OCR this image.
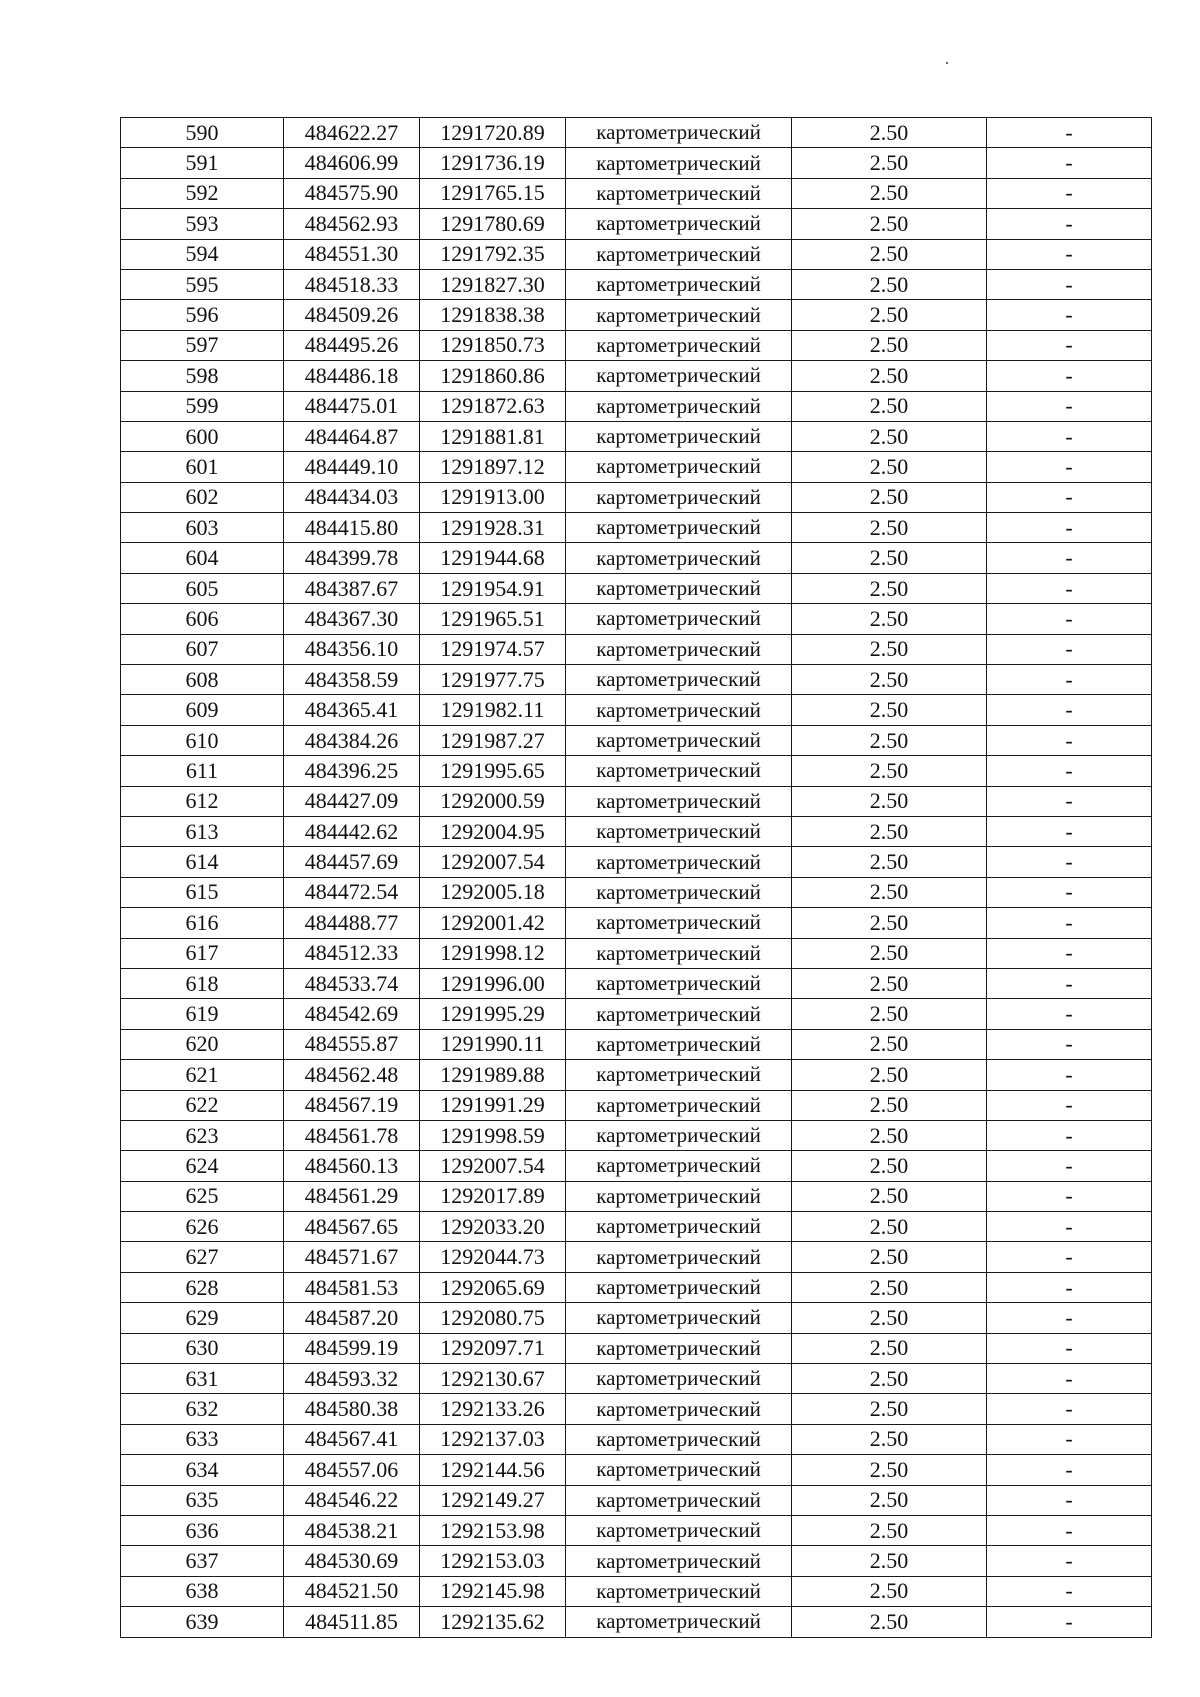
590	484622.27	1291720.89	картометрический	2.50	-
591	484606.99	1291736.19	картометрический	2.50	-
592	484575.90	1291765.15	картометрический	2.50	-
593	484562.93	1291780.69	картометрический	2.50	-
594	484551.30	1291792.35	картометрический	2.50	-
595	484518.33	1291827.30	картометрический	2.50	-
596	484509.26	1291838.38	картометрический	2.50	-
597	484495.26	1291850.73	картометрический	2.50	-
598	484486.18	1291860.86	картометрический	2.50	-
599	484475.01	1291872.63	картометрический	2.50	-
600	484464.87	1291881.81	картометрический	2.50	-
601	484449.10	1291897.12	картометрический	2.50	-
602	484434.03	1291913.00	картометрический	2.50	-
603	484415.80	1291928.31	картометрический	2.50	-
604	484399.78	1291944.68	картометрический	2.50	-
605	484387.67	1291954.91	картометрический	2.50	-
606	484367.30	1291965.51	картометрический	2.50	-
607	484356.10	1291974.57	картометрический	2.50	-
608	484358.59	1291977.75	картометрический	2.50	-
609	484365.41	1291982.11	картометрический	2.50	-
610	484384.26	1291987.27	картометрический	2.50	-
611	484396.25	1291995.65	картометрический	2.50	-
612	484427.09	1292000.59	картометрический	2.50	-
613	484442.62	1292004.95	картометрический	2.50	-
614	484457.69	1292007.54	картометрический	2.50	-
615	484472.54	1292005.18	картометрический	2.50	-
616	484488.77	1292001.42	картометрический	2.50	-
617	484512.33	1291998.12	картометрический	2.50	-
618	484533.74	1291996.00	картометрический	2.50	-
619	484542.69	1291995.29	картометрический	2.50	-
620	484555.87	1291990.11	картометрический	2.50	-
621	484562.48	1291989.88	картометрический	2.50	-
622	484567.19	1291991.29	картометрический	2.50	-
623	484561.78	1291998.59	картометрический	2.50	-
624	484560.13	1292007.54	картометрический	2.50	-
625	484561.29	1292017.89	картометрический	2.50	-
626	484567.65	1292033.20	картометрический	2.50	-
627	484571.67	1292044.73	картометрический	2.50	-
628	484581.53	1292065.69	картометрический	2.50	-
629	484587.20	1292080.75	картометрический	2.50	-
630	484599.19	1292097.71	картометрический	2.50	-
631	484593.32	1292130.67	картометрический	2.50	-
632	484580.38	1292133.26	картометрический	2.50	-
633	484567.41	1292137.03	картометрический	2.50	-
634	484557.06	1292144.56	картометрический	2.50	-
635	484546.22	1292149.27	картометрический	2.50	-
636	484538.21	1292153.98	картометрический	2.50	-
637	484530.69	1292153.03	картометрический	2.50	-
638	484521.50	1292145.98	картометрический	2.50	-
639	484511.85	1292135.62	картометрический	2.50	-
